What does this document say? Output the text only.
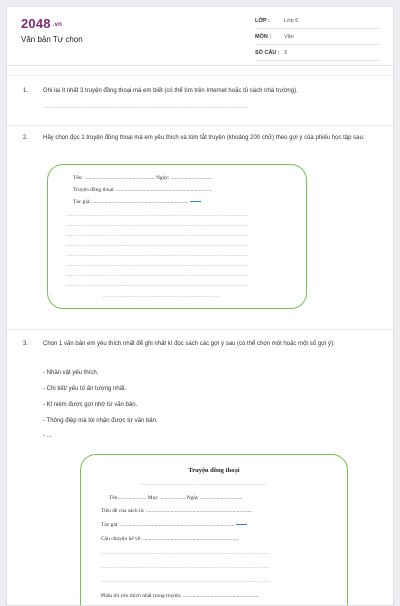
2048 .vn
Văn bản Tự chọn
LỚP :	Lớp 6
MÔN : Văn
SỐ CÂU : 3
1. Ghi lại ít nhất 3 truyện đồng thoại mà em biết (có thể tìm trên Internet hoặc tủ sách nhà trường).
...................................................................................................
2. Hãy chọn đọc 1 truyện đồng thoại mà em yêu thích và tóm tắt truyện (khoảng 200 chữ) theo gợi ý của phiếu học tập sau:
Tên: ................................................... Ngày: ..............................
Truyện đồng thoại: ......................................................................
Tác giả: ......................................................................
.............................................................................................................
.............................................................................................................
.............................................................................................................
.............................................................................................................
.............................................................................................................
.............................................................................................................
.............................................................................................................
.............................................................................................................
......................................................................
3. Chọn 1 văn bản em yêu thích nhất để ghi nhật kí đọc sách các gợi ý sau (có thể chọn một hoặc một số gợi ý):
- Nhân vật yêu thích.
- Chi tiết/ yếu tố ấn tượng nhất.
- Kỉ niệm được gợi nhớ từ văn bản.
- Thông điệp mà tôi nhận được từ văn bản.
- ...
Truyện đồng thoại
...........................................................................
Tên..................... Mục ................... Ngày ...............................
Tiêu đề của sách là: .............................................................................
Tác giả: ...................................................................................
Câu chuyện kể về: .....................................................................
.....................................................................................................
.....................................................................................................
.....................................................................................................
Phần tôi yêu thích nhất trong truyện: .......................................................
